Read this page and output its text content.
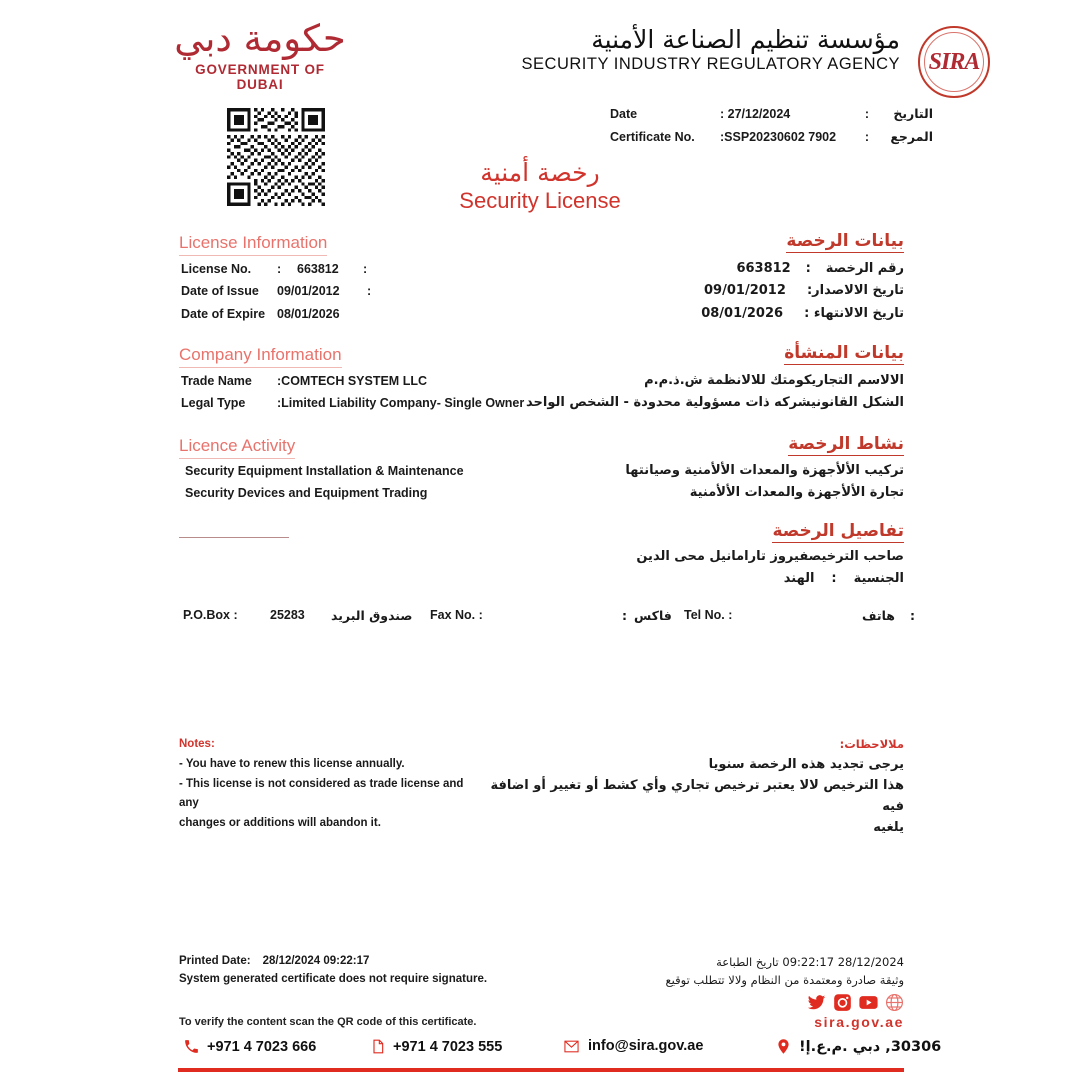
حكومة دبي
GOVERNMENT OF DUBAI
مؤسسة تنظيم الصناعة الأمنية
SECURITY INDUSTRY REGULATORY AGENCY	SIRA
Date	: 27/12/2024	:	التاريخ
Certificate No.	:SSP20230602 7902	:	المرجع
رخصة أمنية
Security License
License Information	بيانات الرخصة
License No.	:	663812	:	رقم الرخصة : 663812
Date of Issue	09/01/2012	:	تاريخ الالاصدار:  09/01/2012
Date of Expire 08/01/2026	تاريخ الالانتهاء :  08/01/2026
Company Information	بيانات المنشأة
Trade Name	:COMTECH SYSTEM LLC	الالاسم التجاريكومتك للالانظمة ش.ذ.م.م
Legal Type	:Limited Liability Company- Single Owner الشكل القانونيشركه ذات مسؤولية محدودة - الشخص الواحد
Licence Activity	نشاط الرخصة
Security Equipment Installation & Maintenance	تركيب الألأجهزة والمعدات الألأمنية وصيانتها
Security Devices and Equipment Trading	تجارة الألأجهزة والمعدات الألأمنية
تفاصيل الرخصة
صاحب الترخيصفيروز تارامانيل محى الدين
الجنسية : الهند
P.O.Box :	25283 صندوق البريد Fax No. :	: فاكس Tel No. :	هاتف :
Notes:
- You have to renew this license annually.
- This license is not considered as trade license and any
changes or additions will abandon it.
ملالاحظات:
يرجى تجديد هذه الرخصة سنويا
هذا الترخيص لالا يعتبر ترخيص تجاري وأي كشط أو تغيير أو اضافة فيه
يلغيه
Printed Date: 28/12/2024 09:22:17
System generated certificate does not require signature.
28/12/2024 09:22:17 تاريخ الطباعة
وثيقة صادرة ومعتمدة من النظام ولالا تتطلب توقيع
To verify the content scan the QR code of this certificate.	sira.gov.ae
+971 4 7023 666	+971 4 7023 555	info@sira.gov.ae	30306, دبي .م.ع.إ!
